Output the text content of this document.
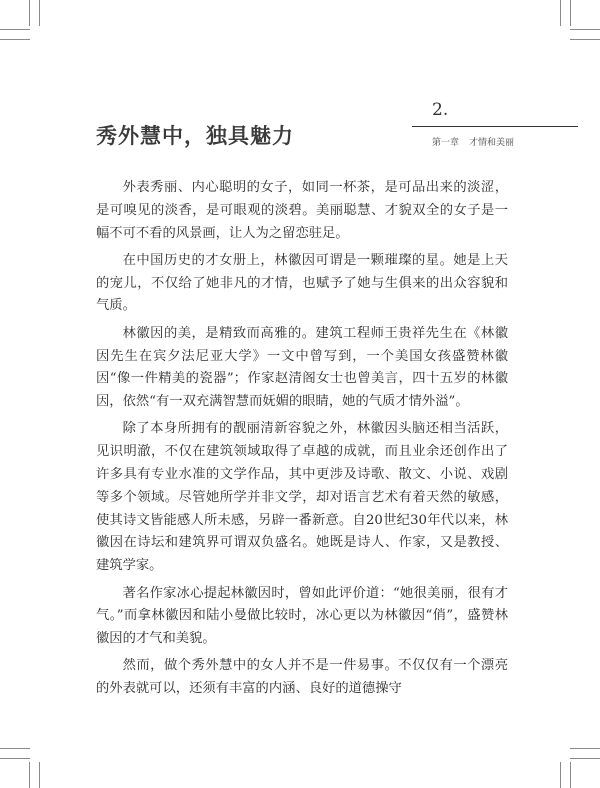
2.
第一章 才情和美丽
秀外慧中，独具魅力

外表秀丽、内心聪明的女子，如同一杯茶，是可品出来的淡涩，是可嗅见的淡香，是可眼观的淡碧。美丽聪慧、才貌双全的女子是一幅不可不看的风景画，让人为之留恋驻足。

在中国历史的才女册上，林徽因可谓是一颗璀璨的星。她是上天的宠儿，不仅给了她非凡的才情，也赋予了她与生俱来的出众容貌和气质。

林徽因的美，是精致而高雅的。建筑工程师王贵祥先生在《林徽因先生在宾夕法尼亚大学》一文中曾写到，一个美国女孩盛赞林徽因“像一件精美的瓷器”；作家赵清阁女士也曾美言，四十五岁的林徽因，依然“有一双充满智慧而妩媚的眼睛，她的气质才情外溢”。

除了本身所拥有的靓丽清新容貌之外，林徽因头脑还相当活跃，见识明澈，不仅在建筑领域取得了卓越的成就，而且业余还创作出了许多具有专业水准的文学作品，其中更涉及诗歌、散文、小说、戏剧等多个领域。尽管她所学并非文学，却对语言艺术有着天然的敏感，使其诗文皆能感人所未感，另辟一番新意。自20世纪30年代以来，林徽因在诗坛和建筑界可谓双负盛名。她既是诗人、作家，又是教授、建筑学家。

著名作家冰心提起林徽因时，曾如此评价道：“她很美丽，很有才气。”而拿林徽因和陆小曼做比较时，冰心更以为林徽因“俏”，盛赞林徽因的才气和美貌。

然而，做个秀外慧中的女人并不是一件易事。不仅仅有一个漂亮的外表就可以，还须有丰富的内涵、良好的道德操守
